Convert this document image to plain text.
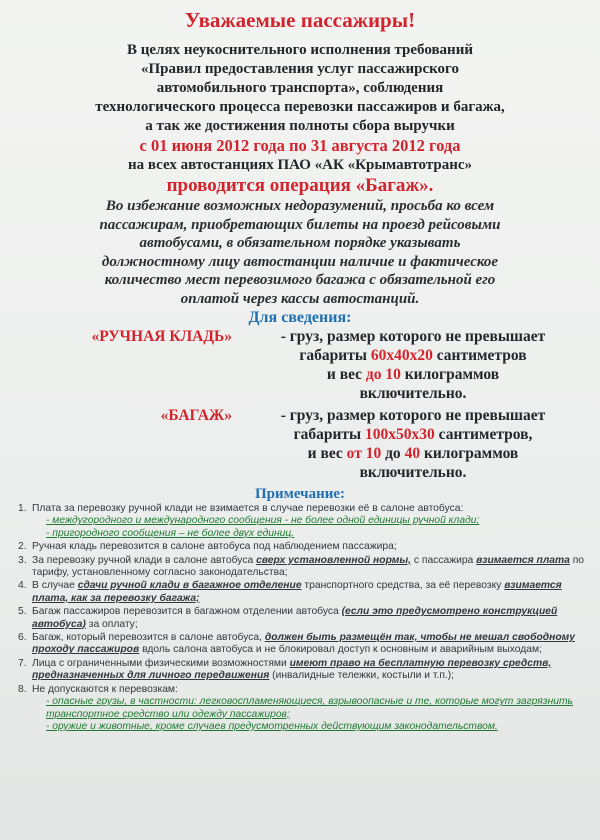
Уважаемые пассажиры!
В целях неукоснительного исполнения требований
«Правил предоставления услуг пассажирского
автомобильного транспорта», соблюдения
технологического процесса перевозки пассажиров и багажа,
а так же достижения полноты сбора выручки
с 01 июня 2012 года по 31 августа 2012 года
на всех автостанциях ПАО «АК «Крымавтотранс»
проводится операция «Багаж».
Во избежание возможных недоразумений, просьба ко всем
пассажирам, приобретающих билеты на проезд рейсовыми
автобусами, в обязательном порядке указывать
должностному лицу автостанции наличие и фактическое
количество мест перевозимого багажа с обязательной его
оплатой через кассы автостанций.
Для сведения:
«РУЧНАЯ КЛАДЬ»	- груз, размер которого не превышает
габариты 60х40х20 сантиметров
и вес до 10 килограммов
включительно.
«БАГАЖ»	- груз, размер которого не превышает
габариты 100х50х30 сантиметров,
и вес от 10 до 40 килограммов
включительно.
Примечание:
1. Плата за перевозку ручной клади не взимается в случае перевозки её в салоне автобуса:
- междугородного и международного сообщения - не более одной единицы ручной клади;
- пригородного сообщения – не более двух единиц.
2. Ручная кладь перевозится в салоне автобуса под наблюдением пассажира;
3. За перевозку ручной клади в салоне автобуса сверх установленной нормы, с пассажира взимается плата по тарифу, установленному согласно законодательства;
4. В случае сдачи ручной клади в багажное отделение транспортного средства, за её перевозку взимается плата, как за перевозку багажа;
5. Багаж пассажиров перевозится в багажном отделении автобуса (если это предусмотрено конструкцией автобуса) за оплату;
6. Багаж, который перевозится в салоне автобуса, должен быть размещён так, чтобы не мешал свободному проходу пассажиров вдоль салона автобуса и не блокировал доступ к основным и аварийным выходам;
7. Лица с ограниченными физическими возможностями имеют право на бесплатную перевозку средств, предназначенных для личного передвижения (инвалидные тележки, костыли и т.п.);
8. Не допускаются к перевозкам:
- опасные грузы, в частности: легковоспламеняющиеся, взрывоопасные и те, которые могут загрязнить транспортное средство или одежду пассажиров;
- оружие и животные, кроме случаев предусмотренных действующим законодательством.
